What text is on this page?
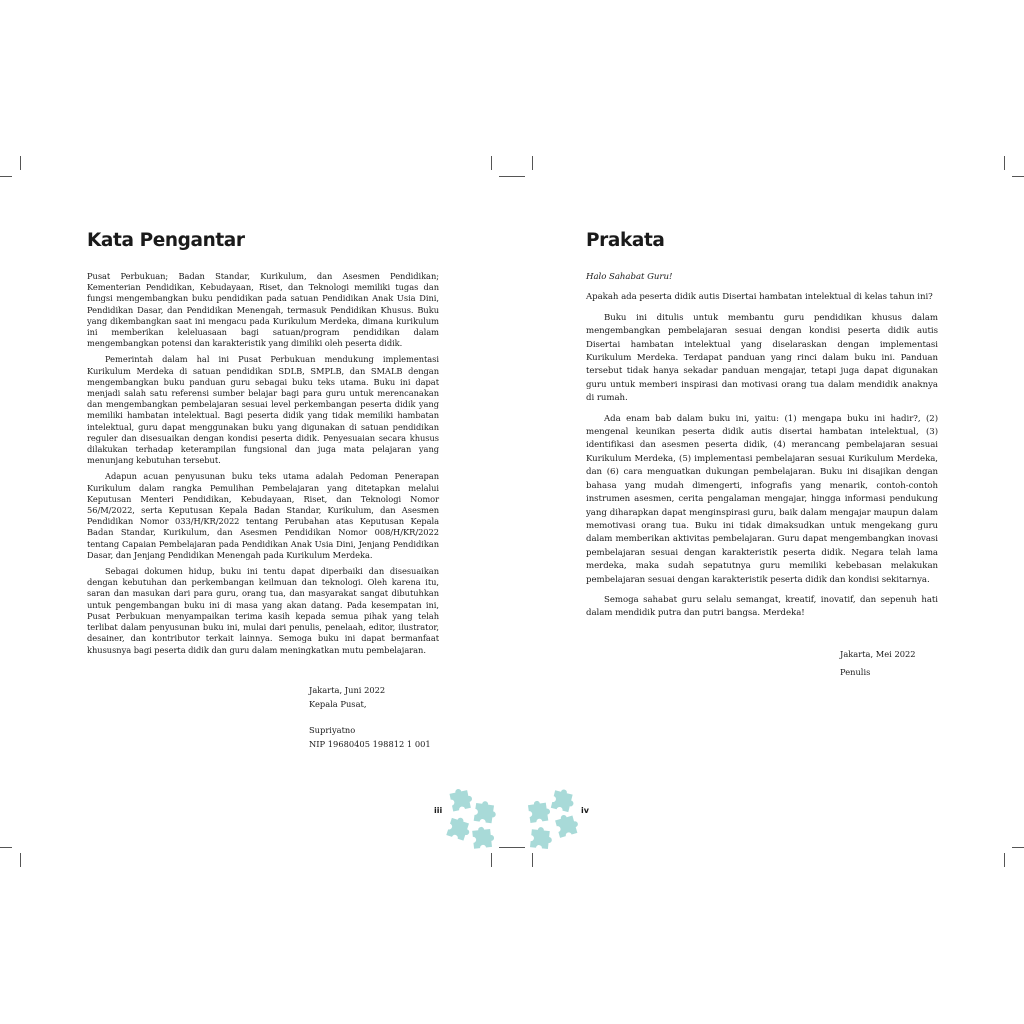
Kata Pengantar

Pusat Perbukuan; Badan Standar, Kurikulum, dan Asesmen Pendidikan; Kementerian Pendidikan, Kebudayaan, Riset, dan Teknologi memiliki tugas dan fungsi mengembangkan buku pendidikan pada satuan Pendidikan Anak Usia Dini, Pendidikan Dasar, dan Pendidikan Menengah, termasuk Pendidikan Khusus. Buku yang dikembangkan saat ini mengacu pada Kurikulum Merdeka, dimana kurikulum ini memberikan keleluasaan bagi satuan/program pendidikan dalam mengembangkan potensi dan karakteristik yang dimiliki oleh peserta didik.

Pemerintah dalam hal ini Pusat Perbukuan mendukung implementasi Kurikulum Merdeka di satuan pendidikan SDLB, SMPLB, dan SMALB dengan mengembangkan buku panduan guru sebagai buku teks utama. Buku ini dapat menjadi salah satu referensi sumber belajar bagi para guru untuk merencanakan dan mengembangkan pembelajaran sesuai level perkembangan peserta didik yang memiliki hambatan intelektual. Bagi peserta didik yang tidak memiliki hambatan intelektual, guru dapat menggunakan buku yang digunakan di satuan pendidikan reguler dan disesuaikan dengan kondisi peserta didik. Penyesuaian secara khusus dilakukan terhadap keterampilan fungsional dan juga mata pelajaran yang menunjang kebutuhan tersebut.

Adapun acuan penyusunan buku teks utama adalah Pedoman Penerapan Kurikulum dalam rangka Pemulihan Pembelajaran yang ditetapkan melalui Keputusan Menteri Pendidikan, Kebudayaan, Riset, dan Teknologi Nomor 56/M/2022, serta Keputusan Kepala Badan Standar, Kurikulum, dan Asesmen Pendidikan Nomor 033/H/KR/2022 tentang Perubahan atas Keputusan Kepala Badan Standar, Kurikulum, dan Asesmen Pendidikan Nomor 008/H/KR/2022 tentang Capaian Pembelajaran pada Pendidikan Anak Usia Dini, Jenjang Pendidikan Dasar, dan Jenjang Pendidikan Menengah pada Kurikulum Merdeka.

Sebagai dokumen hidup, buku ini tentu dapat diperbaiki dan disesuaikan dengan kebutuhan dan perkembangan keilmuan dan teknologi. Oleh karena itu, saran dan masukan dari para guru, orang tua, dan masyarakat sangat dibutuhkan untuk pengembangan buku ini di masa yang akan datang. Pada kesempatan ini, Pusat Perbukuan menyampaikan terima kasih kepada semua pihak yang telah terlibat dalam penyusunan buku ini, mulai dari penulis, penelaah, editor, ilustrator, desainer, dan kontributor terkait lainnya. Semoga buku ini dapat bermanfaat khususnya bagi peserta didik dan guru dalam meningkatkan mutu pembelajaran.

Jakarta, Juni 2022
Kepala Pusat,
Supriyatno
NIP 19680405 198812 1 001
Prakata

Halo Sahabat Guru!

Apakah ada peserta didik autis Disertai hambatan intelektual di kelas tahun ini?

Buku ini ditulis untuk membantu guru pendidikan khusus dalam mengembangkan pembelajaran sesuai dengan kondisi peserta didik autis Disertai hambatan intelektual yang diselaraskan dengan implementasi Kurikulum Merdeka. Terdapat panduan yang rinci dalam buku ini. Panduan tersebut tidak hanya sekadar panduan mengajar, tetapi juga dapat digunakan guru untuk memberi inspirasi dan motivasi orang tua dalam mendidik anaknya di rumah.

Ada enam bab dalam buku ini, yaitu: (1) mengapa buku ini hadir?, (2) mengenal keunikan peserta didik autis disertai hambatan intelektual, (3) identifikasi dan asesmen peserta didik, (4) merancang pembelajaran sesuai Kurikulum Merdeka, (5) implementasi pembelajaran sesuai Kurikulum Merdeka, dan (6) cara menguatkan dukungan pembelajaran. Buku ini disajikan dengan bahasa yang mudah dimengerti, infografis yang menarik, contoh-contoh instrumen asesmen, cerita pengalaman mengajar, hingga informasi pendukung yang diharapkan dapat menginspirasi guru, baik dalam mengajar maupun dalam memotivasi orang tua. Buku ini tidak dimaksudkan untuk mengekang guru dalam memberikan aktivitas pembelajaran. Guru dapat mengembangkan inovasi pembelajaran sesuai dengan karakteristik peserta didik. Negara telah lama merdeka, maka sudah sepatutnya guru memiliki kebebasan melakukan pembelajaran sesuai dengan karakteristik peserta didik dan kondisi sekitarnya.

Semoga sahabat guru selalu semangat, kreatif, inovatif, dan sepenuh hati dalam mendidik putra dan putri bangsa. Merdeka!

Jakarta, Mei 2022
Penulis
iii	iv
